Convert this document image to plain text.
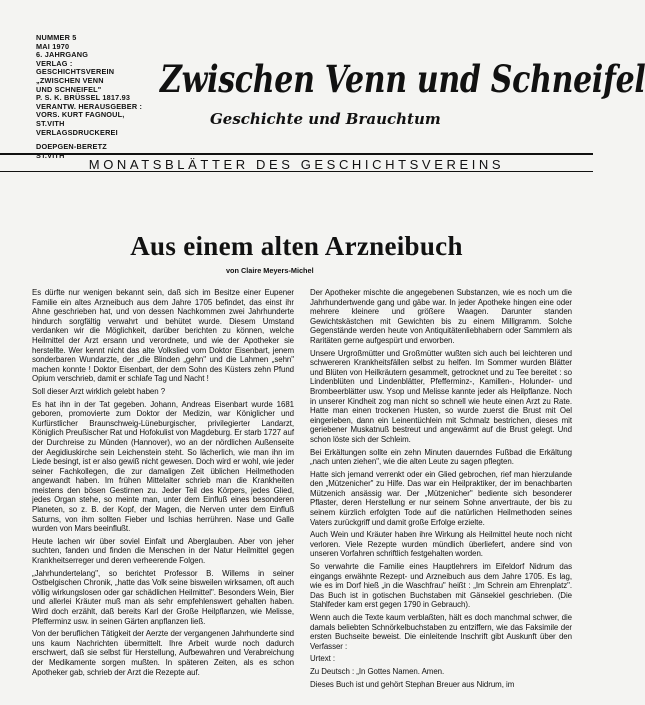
NUMMER 5
MAI 1970
6. JAHRGANG
VERLAG :
GESCHICHTSVEREIN
„ZWISCHEN VENN
UND SCHNEIFEL"
P. S. K. BRÜSSEL 1817.93
VERANTW. HERAUSGEBER :
VORS. KURT FAGNOUL,
ST.VITH
VERLAGSDRUCKEREI
DOEPGEN-BERETZ
ST.VITH
Zwischen Venn und Schneifel
Geschichte und Brauchtum
MONATSBLÄTTER DES GESCHICHTSVEREINS
Aus einem alten Arzneibuch
von Claire Meyers-Michel

Es dürfte nur wenigen bekannt sein, daß sich im Besitze einer Eupener Familie ein altes Arzneibuch aus dem Jahre 1705 befindet, das einst ihr Ahne geschrieben hat, und von dessen Nachkommen zwei Jahrhunderte hindurch sorgfältig verwahrt und behütet wurde. Diesem Umstand verdanken wir die Möglichkeit, darüber berichten zu können, welche Heilmittel der Arzt ersann und verordnete, und wie der Apotheker sie herstellte. Wer kennt nicht das alte Volkslied vom Doktor Eisenbart, jenem sonderbaren Wundarzte, der „die Blinden „gehn" und die Lahmen „sehn" machen konnte ! Doktor Eisenbart, der dem Sohn des Küsters zehn Pfund Opium verschrieb, damit er schlafe Tag und Nacht !

Soll dieser Arzt wirklich gelebt haben ?

Es hat ihn in der Tat gegeben. Johann, Andreas Eisenbart wurde 1681 geboren, promovierte zum Doktor der Medizin, war Königlicher und Kurfürstlicher Braunschweig-Lüneburgischer, privilegierter Landarzt, Königlich Preußischer Rat und Hofokulist von Magdeburg. Er starb 1727 auf der Durchreise zu Münden (Hannover), wo an der nördlichen Außenseite der Aegidiuskirche sein Leichenstein steht. So lächerlich, wie man ihn im Liede besingt, ist er also gewiß nicht gewesen. Doch wird er wohl, wie jeder seiner Fachkollegen, die zur damaligen Zeit üblichen Heilmethoden angewandt haben. Im frühen Mittelalter schrieb man die Krankheiten meistens den bösen Gestirnen zu. Jeder Teil des Körpers, jedes Glied, jedes Organ stehe, so meinte man, unter dem Einfluß eines besonderen Planeten, so z. B. der Kopf, der Magen, die Nerven unter dem Einfluß Saturns, von ihm sollten Fieber und Ischias herrühren. Nase und Galle wurden von Mars beeinflußt.

Heute lachen wir über soviel Einfalt und Aberglauben. Aber von jeher suchten, fanden und finden die Menschen in der Natur Heilmittel gegen Krankheitserreger und deren verheerende Folgen.

„Jahrhundertelang", so berichtet Professor B. Willems in seiner Ostbelgischen Chronik, „hatte das Volk seine bisweilen wirksamen, oft auch völlig wirkungslosen oder gar schädlichen Heilmittel". Besonders Wein, Bier und allerlei Kräuter muß man als sehr empfehlenswert gehalten haben. Wird doch erzählt, daß bereits Karl der Große Heilpflanzen, wie Melisse, Pfefferminz usw. in seinen Gärten anpflanzen ließ.

Von der beruflichen Tätigkeit der Aerzte der vergangenen Jahrhunderte sind uns kaum Nachrichten übermittelt. Ihre Arbeit wurde noch dadurch erschwert, daß sie selbst für Herstellung, Aufbewahren und Verabreichung der Medikamente sorgen mußten. In späteren Zeiten, als es schon Apotheker gab, schrieb der Arzt die Rezepte auf.

Der Apotheker mischte die angegebenen Substanzen, wie es noch um die Jahrhundertwende gang und gäbe war. In jeder Apotheke hingen eine oder mehrere kleinere und größere Waagen. Darunter standen Gewichtskästchen mit Gewichten bis zu einem Milligramm. Solche Gegenstände werden heute von Antiquitätenliebhabern oder Sammlern als Raritäten gerne aufgespürt und erworben.

Unsere Urgroßmütter und Großmütter wußten sich auch bei leichteren und schwereren Krankheitsfällen selbst zu helfen. Im Sommer wurden Blätter und Blüten von Heilkräutern gesammelt, getrocknet und zu Tee bereitet : so Lindenblüten und Lindenblätter, Pfefferminz-, Kamillen-, Holunder- und Brombeerblätter usw. Ysop und Melisse kannte jeder als Heilpflanze. Noch in unserer Kindheit zog man nicht so schnell wie heute einen Arzt zu Rate. Hatte man einen trockenen Husten, so wurde zuerst die Brust mit Oel eingerieben, dann ein Leinentüchlein mit Schmalz bestrichen, dieses mit geriebener Muskatnuß bestreut und angewärmt auf die Brust gelegt. Und schon löste sich der Schleim.

Bei Erkältungen sollte ein zehn Minuten dauerndes Fußbad die Erkältung „nach unten ziehen", wie die alten Leute zu sagen pflegten.

Hatte sich jemand verrenkt oder ein Glied gebrochen, rief man hierzulande den „Mützenicher" zu Hilfe. Das war ein Heilpraktiker, der im benachbarten Mützenich ansässig war. Der „Mützenicher" bediente sich besonderer Pflaster, deren Herstellung er nur seinem Sohne anvertraute, der bis zu seinem kürzlich erfolgten Tode auf die natürlichen Heilmethoden seines Vaters zurückgriff und damit große Erfolge erzielte.

Auch Wein und Kräuter haben ihre Wirkung als Heilmittel heute noch nicht verloren. Viele Rezepte wurden mündlich überliefert, andere sind von unseren Vorfahren schriftlich festgehalten worden.

So verwahrte die Familie eines Hauptlehrers im Eifeldorf Nidrum das eingangs erwähnte Rezept- und Arzneibuch aus dem Jahre 1705. Es lag, wie es im Dorf hieß „in die Waschfrau" heißt : „Im Schrein am Ehrenplatz". Das Buch ist in gotischen Buchstaben mit Gänsekiel geschrieben. (Die Stahlfeder kam erst gegen 1790 in Gebrauch).

Wenn auch die Texte kaum verblaßten, hält es doch manchmal schwer, die damals beliebten Schnörkelbuchstaben zu entziffern, wie das Faksimile der ersten Buchseite beweist. Die einleitende Inschrift gibt Auskunft über den Verfasser :

Urtext :

Zu Deutsch : „In Gottes Namen. Amen.

Dieses Buch ist und gehört Stephan Breuer aus Nidrum, im
